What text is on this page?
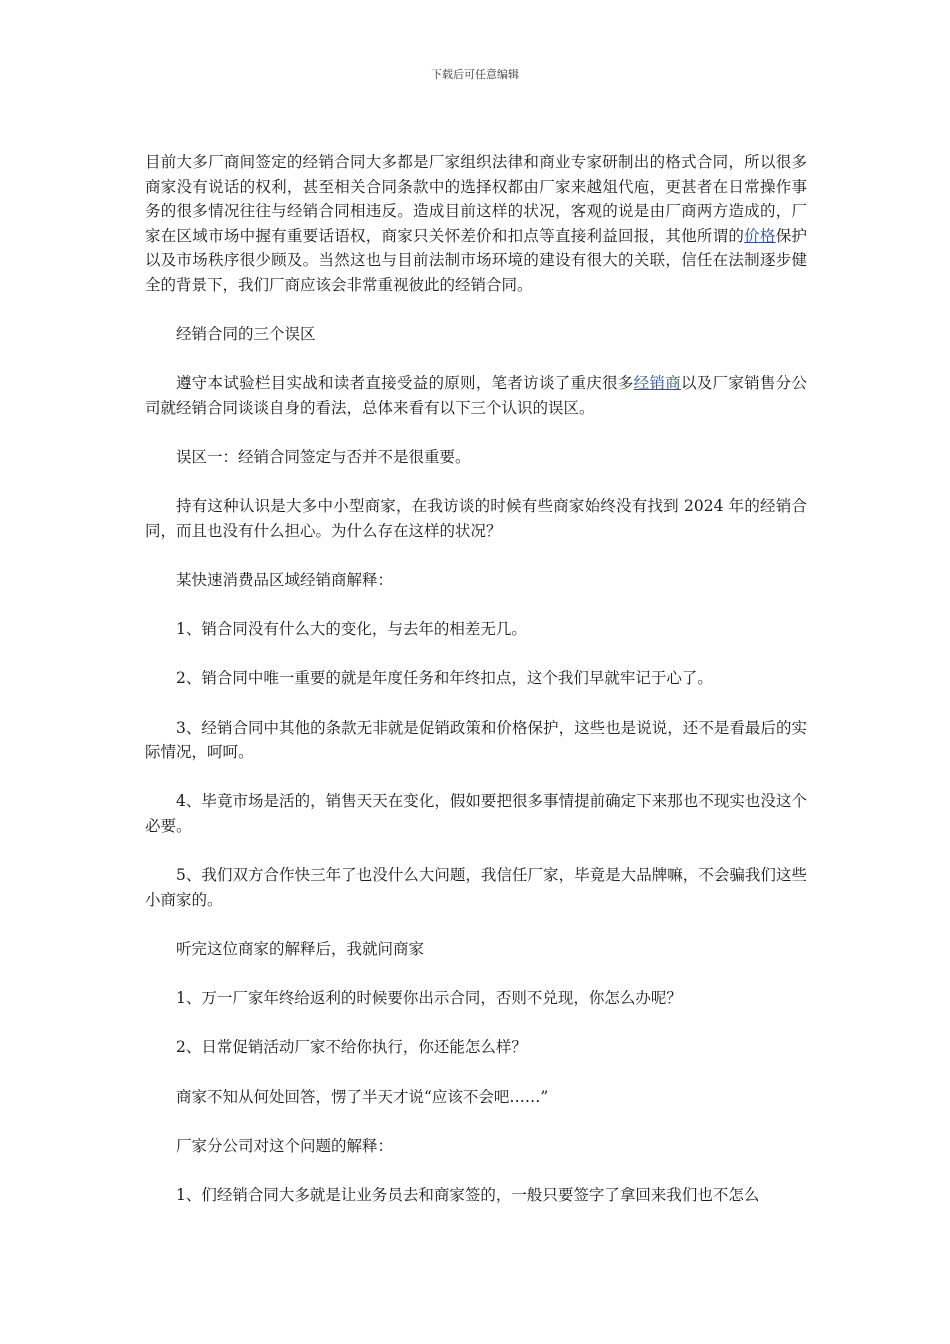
下载后可任意编辑

目前大多厂商间签定的经销合同大多都是厂家组织法律和商业专家研制出的格式合同，所以很多商家没有说话的权利，甚至相关合同条款中的选择权都由厂家来越俎代庖，更甚者在日常操作事务的很多情况往往与经销合同相违反。造成目前这样的状况，客观的说是由厂商两方造成的，厂家在区域市场中握有重要话语权，商家只关怀差价和扣点等直接利益回报，其他所谓的价格保护以及市场秩序很少顾及。当然这也与目前法制市场环境的建设有很大的关联，信任在法制逐步健全的背景下，我们厂商应该会非常重视彼此的经销合同。

经销合同的三个误区

遵守本试验栏目实战和读者直接受益的原则，笔者访谈了重庆很多经销商以及厂家销售分公司就经销合同谈谈自身的看法，总体来看有以下三个认识的误区。

误区一：经销合同签定与否并不是很重要。

持有这种认识是大多中小型商家，在我访谈的时候有些商家始终没有找到 2024 年的经销合同，而且也没有什么担心。为什么存在这样的状况？

某快速消费品区域经销商解释：

1、销合同没有什么大的变化，与去年的相差无几。

2、销合同中唯一重要的就是年度任务和年终扣点，这个我们早就牢记于心了。

3、经销合同中其他的条款无非就是促销政策和价格保护，这些也是说说，还不是看最后的实际情况，呵呵。

4、毕竟市场是活的，销售天天在变化，假如要把很多事情提前确定下来那也不现实也没这个必要。

5、我们双方合作快三年了也没什么大问题，我信任厂家，毕竟是大品牌嘛，不会骗我们这些小商家的。

听完这位商家的解释后，我就问商家

1、万一厂家年终给返利的时候要你出示合同，否则不兑现，你怎么办呢？

2、日常促销活动厂家不给你执行，你还能怎么样？

商家不知从何处回答，愣了半天才说“应该不会吧……”

厂家分公司对这个问题的解释：

1、们经销合同大多就是让业务员去和商家签的，一般只要签字了拿回来我们也不怎么
